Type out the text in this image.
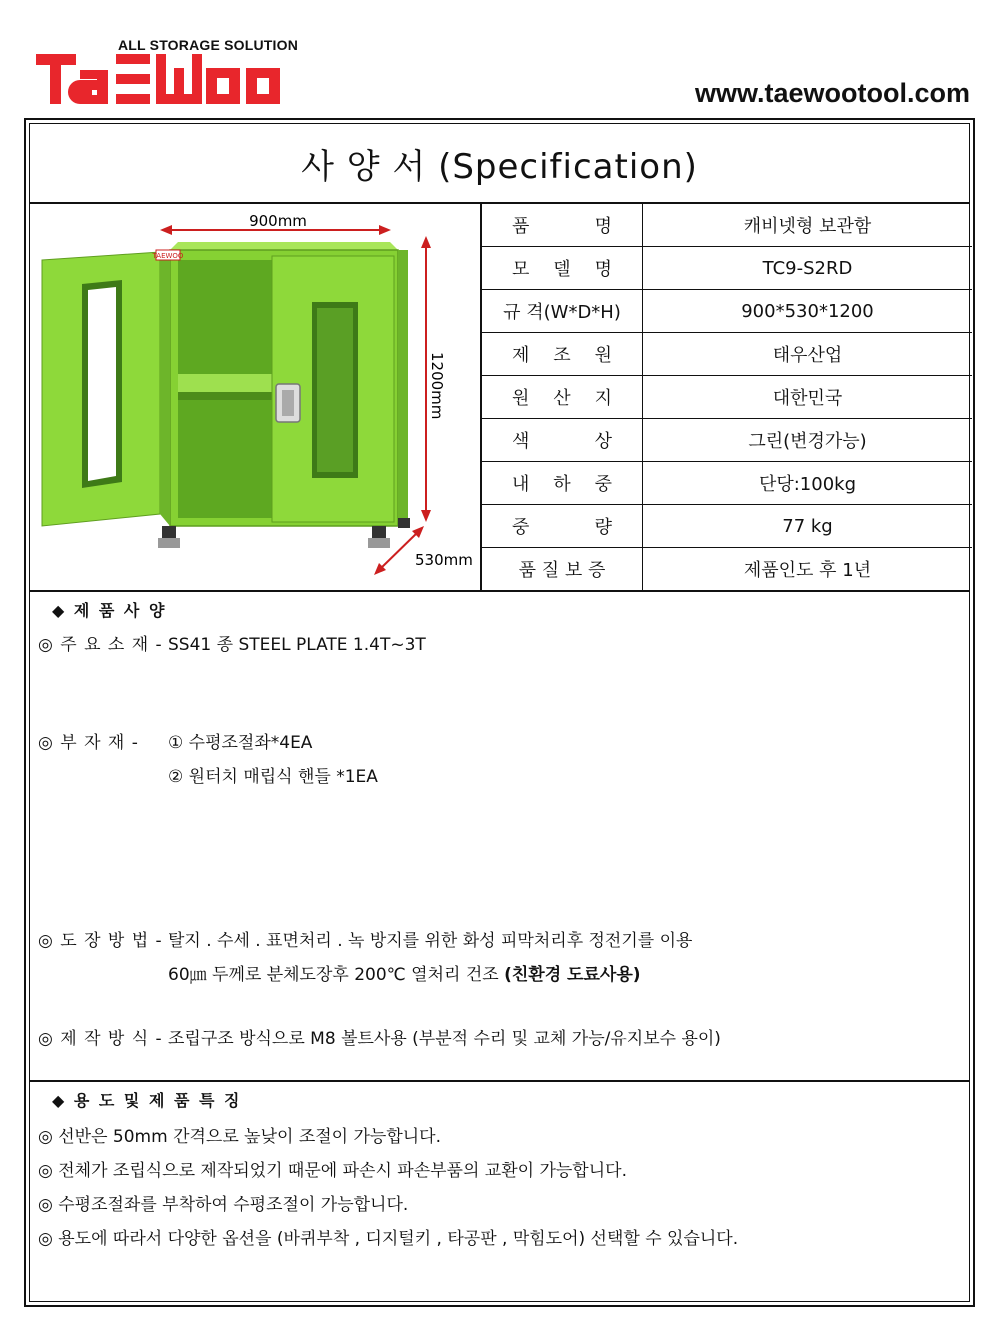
ALL STORAGE SOLUTION
www.taewootool.com
사 양 서 (Specification)
900mm
1200mm
530mm
TAEWOO
품 명	캐비넷형 보관함

모 델 명	TC9-S2RD
규 격(W*D*H)	900*530*1200

제 조 원	태우산업

원 산 지	대한민국

색 상	그린(변경가능)

내 하 중	단당:100kg

중 량	77 kg
품 질 보 증	제품인도 후 1년
◆ 제 품 사 양
◎ 주 요 소 재 - SS41 종 STEEL PLATE 1.4T~3T
◎ 부 자 재 - ① 수평조절좌*4EA
② 원터치 매립식 핸들 *1EA
◎ 도 장 방 법 - 탈지 . 수세 . 표면처리 . 녹 방지를 위한 화성 피막처리후 정전기를 이용
60㎛ 두께로 분체도장후 200℃ 열처리 건조 (친환경 도료사용)
◎ 제 작 방 식 - 조립구조 방식으로 M8 볼트사용 (부분적 수리 및 교체 가능/유지보수 용이)
◆ 용 도 및 제 품 특 징
◎ 선반은 50mm 간격으로 높낮이 조절이 가능합니다.
◎ 전체가 조립식으로 제작되었기 때문에 파손시 파손부품의 교환이 가능합니다.
◎ 수평조절좌를 부착하여 수평조절이 가능합니다.
◎ 용도에 따라서 다양한 옵션을 (바퀴부착 , 디지털키 , 타공판 , 막힘도어) 선택할 수 있습니다.
